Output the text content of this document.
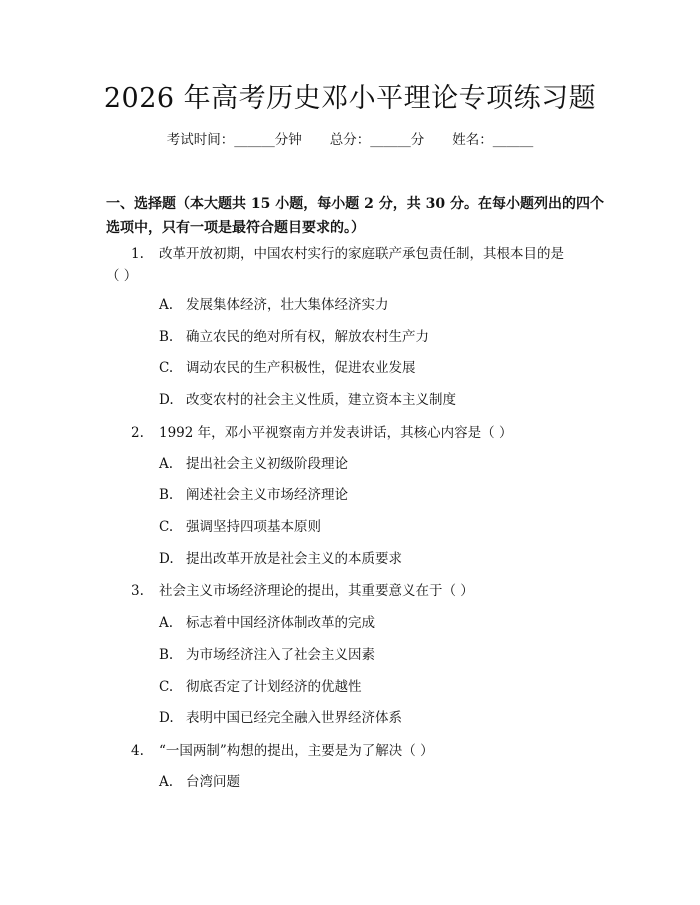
2026 年高考历史邓小平理论专项练习题
考试时间：______分钟 总分：______分 姓名：______
一、选择题（本大题共 15 小题，每小题 2 分，共 30 分。在每小题列出的四个选项中，只有一项是最符合题目要求的。）
1. 改革开放初期，中国农村实行的家庭联产承包责任制，其根本目的是
（ ）
A. 发展集体经济，壮大集体经济实力
B. 确立农民的绝对所有权，解放农村生产力
C. 调动农民的生产积极性，促进农业发展
D. 改变农村的社会主义性质，建立资本主义制度
2. 1992 年，邓小平视察南方并发表讲话，其核心内容是（ ）
A. 提出社会主义初级阶段理论
B. 阐述社会主义市场经济理论
C. 强调坚持四项基本原则
D. 提出改革开放是社会主义的本质要求
3. 社会主义市场经济理论的提出，其重要意义在于（ ）
A. 标志着中国经济体制改革的完成
B. 为市场经济注入了社会主义因素
C. 彻底否定了计划经济的优越性
D. 表明中国已经完全融入世界经济体系
4. “一国两制”构想的提出，主要是为了解决（ ）
A. 台湾问题
